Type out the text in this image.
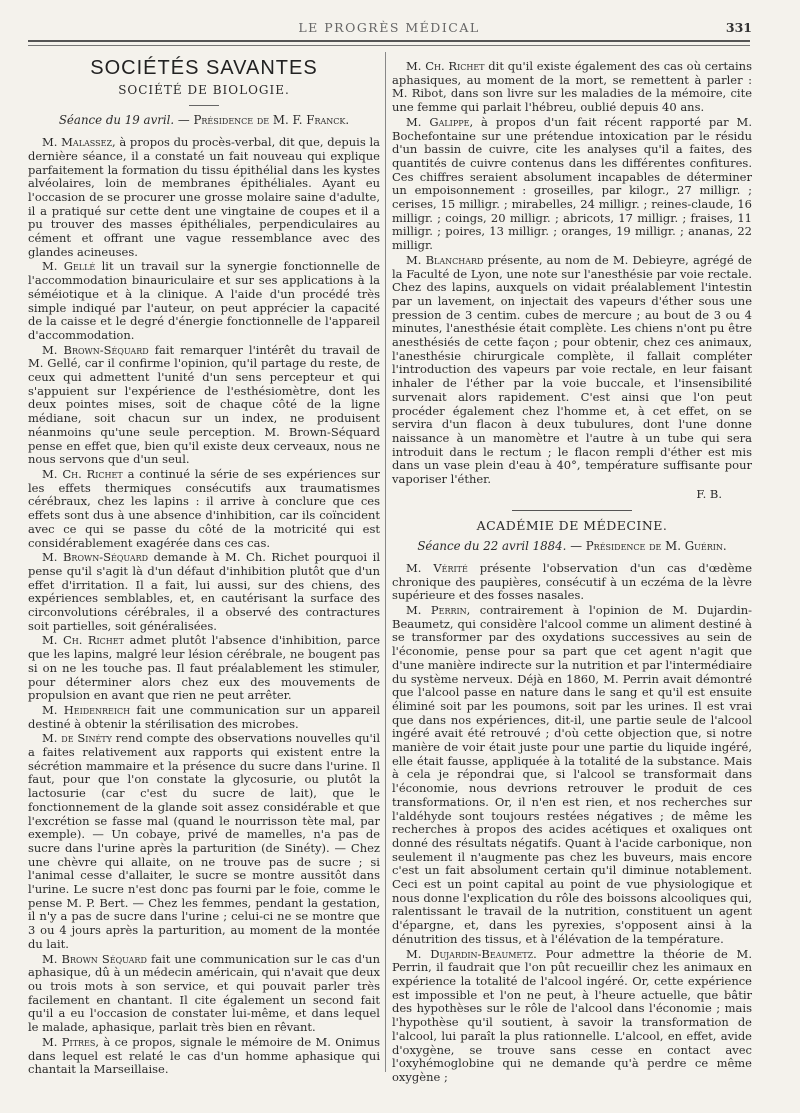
LE PROGRÈS MÉDICAL	331
SOCIÉTÉS SAVANTES
SOCIÉTÉ DE BIOLOGIE.
Séance du 19 avril. — Présidence de M. F. Franck.

M. Malassez, à propos du procès-verbal, dit que, depuis la dernière séance, il a constaté un fait nouveau qui explique parfaitement la formation du tissu épithélial dans les kystes alvéolaires, loin de membranes épithéliales. Ayant eu l'occasion de se procurer une grosse molaire saine d'adulte, il a pratiqué sur cette dent une vingtaine de coupes et il a pu trouver des masses épithéliales, perpendiculaires au cément et offrant une vague ressemblance avec des glandes acineuses.

M. Gellé lit un travail sur la synergie fonctionnelle de l'accommodation binauriculaire et sur ses applications à la séméiotique et à la clinique. A l'aide d'un procédé très simple indiqué par l'auteur, on peut apprécier la capacité de la caisse et le degré d'énergie fonctionnelle de l'appareil d'accommodation.

M. Brown-Séquard fait remarquer l'intérêt du travail de M. Gellé, car il confirme l'opinion, qu'il partage du reste, de ceux qui admettent l'unité d'un sens percepteur et qui s'appuient sur l'expérience de l'esthésiomètre, dont les deux pointes mises, soit de chaque côté de la ligne médiane, soit chacun sur un index, ne produisent néanmoins qu'une seule perception. M. Brown-Séquard pense en effet que, bien qu'il existe deux cerveaux, nous ne nous servons que d'un seul.

M. Ch. Richet a continué la série de ses expériences sur les effets thermiques consécutifs aux traumatismes cérébraux, chez les lapins : il arrive à conclure que ces effets sont dus à une absence d'inhibition, car ils coïncident avec ce qui se passe du côté de la motricité qui est considérablement exagérée dans ces cas.

M. Brown-Séquard demande à M. Ch. Richet pourquoi il pense qu'il s'agit là d'un défaut d'inhibition plutôt que d'un effet d'irritation. Il a fait, lui aussi, sur des chiens, des expériences semblables, et, en cautérisant la surface des circonvolutions cérébrales, il a observé des contractures soit partielles, soit généralisées.

M. Ch. Richet admet plutôt l'absence d'inhibition, parce que les lapins, malgré leur lésion cérébrale, ne bougent pas si on ne les touche pas. Il faut préalablement les stimuler, pour déterminer alors chez eux des mouvements de propulsion en avant que rien ne peut arrêter.

M. Heidenreich fait une communication sur un appareil destiné à obtenir la stérilisation des microbes.

M. de Sinéty rend compte des observations nouvelles qu'il a faites relativement aux rapports qui existent entre la sécrétion mammaire et la présence du sucre dans l'urine. Il faut, pour que l'on constate la glycosurie, ou plutôt la lactosurie (car c'est du sucre de lait), que le fonctionnement de la glande soit assez considérable et que l'excrétion se fasse mal (quand le nourrisson tète mal, par exemple). — Un cobaye, privé de mamelles, n'a pas de sucre dans l'urine après la parturition (de Sinéty). — Chez une chèvre qui allaite, on ne trouve pas de sucre ; si l'animal cesse d'allaiter, le sucre se montre aussitôt dans l'urine. Le sucre n'est donc pas fourni par le foie, comme le pense M. P. Bert. — Chez les femmes, pendant la gestation, il n'y a pas de sucre dans l'urine ; celui-ci ne se montre que 3 ou 4 jours après la parturition, au moment de la montée du lait.

M. Brown Séquard fait une communication sur le cas d'un aphasique, dû à un médecin américain, qui n'avait que deux ou trois mots à son service, et qui pouvait parler très facilement en chantant. Il cite également un second fait qu'il a eu l'occasion de constater lui-même, et dans lequel le malade, aphasique, parlait très bien en rêvant.

M. Pitres, à ce propos, signale le mémoire de M. Onimus dans lequel est relaté le cas d'un homme aphasique qui chantait la Marseillaise.

M. Ch. Richet dit qu'il existe également des cas où certains aphasiques, au moment de la mort, se remettent à parler : M. Ribot, dans son livre sur les maladies de la mémoire, cite une femme qui parlait l'hébreu, oublié depuis 40 ans.

M. Galippe, à propos d'un fait récent rapporté par M. Bochefontaine sur une prétendue intoxication par le résidu d'un bassin de cuivre, cite les analyses qu'il a faites, des quantités de cuivre contenus dans les différentes confitures. Ces chiffres seraient absolument incapables de déterminer un empoisonnement : groseilles, par kilogr., 27 milligr. ; cerises, 15 milligr. ; mirabelles, 24 milligr. ; reines-claude, 16 milligr. ; coings, 20 milligr. ; abricots, 17 milligr. ; fraises, 11 milligr. ; poires, 13 milligr. ; oranges, 19 milligr. ; ananas, 22 milligr.

M. Blanchard présente, au nom de M. Debieyre, agrégé de la Faculté de Lyon, une note sur l'anesthésie par voie rectale. Chez des lapins, auxquels on vidait préalablement l'intestin par un lavement, on injectait des vapeurs d'éther sous une pression de 3 centim. cubes de mercure ; au bout de 3 ou 4 minutes, l'anesthésie était complète. Les chiens n'ont pu être anesthésiés de cette façon ; pour obtenir, chez ces animaux, l'anesthésie chirurgicale complète, il fallait compléter l'introduction des vapeurs par voie rectale, en leur faisant inhaler de l'éther par la voie buccale, et l'insensibilité survenait alors rapidement. C'est ainsi que l'on peut procéder également chez l'homme et, à cet effet, on se servira d'un flacon à deux tubulures, dont l'une donne naissance à un manomètre et l'autre à un tube qui sera introduit dans le rectum ; le flacon rempli d'éther est mis dans un vase plein d'eau à 40°, température suffisante pour vaporiser l'éther.

F. B.

ACADÉMIE DE MÉDECINE.
Séance du 22 avril 1884. — Présidence de M. Guérin.

M. Vérité présente l'observation d'un cas d'œdème chronique des paupières, consécutif à un eczéma de la lèvre supérieure et des fosses nasales.

M. Perrin, contrairement à l'opinion de M. Dujardin-Beaumetz, qui considère l'alcool comme un aliment destiné à se transformer par des oxydations successives au sein de l'économie, pense pour sa part que cet agent n'agit que d'une manière indirecte sur la nutrition et par l'intermédiaire du système nerveux. Déjà en 1860, M. Perrin avait démontré que l'alcool passe en nature dans le sang et qu'il est ensuite éliminé soit par les poumons, soit par les urines. Il est vrai que dans nos expériences, dit-il, une partie seule de l'alcool ingéré avait été retrouvé ; d'où cette objection que, si notre manière de voir était juste pour une partie du liquide ingéré, elle était fausse, appliquée à la totalité de la substance. Mais à cela je répondrai que, si l'alcool se transformait dans l'économie, nous devrions retrouver le produit de ces transformations. Or, il n'en est rien, et nos recherches sur l'aldéhyde sont toujours restées négatives ; de même les recherches à propos des acides acétiques et oxaliques ont donné des résultats négatifs. Quant à l'acide carbonique, non seulement il n'augmente pas chez les buveurs, mais encore c'est un fait absolument certain qu'il diminue notablement. Ceci est un point capital au point de vue physiologique et nous donne l'explication du rôle des boissons alcooliques qui, ralentissant le travail de la nutrition, constituent un agent d'épargne, et, dans les pyrexies, s'opposent ainsi à la dénutrition des tissus, et à l'élévation de la température.

M. Dujardin-Beaumetz. Pour admettre la théorie de M. Perrin, il faudrait que l'on pût recueillir chez les animaux en expérience la totalité de l'alcool ingéré. Or, cette expérience est impossible et l'on ne peut, à l'heure actuelle, que bâtir des hypothèses sur le rôle de l'alcool dans l'économie ; mais l'hypothèse qu'il soutient, à savoir la transformation de l'alcool, lui paraît la plus rationnelle. L'alcool, en effet, avide d'oxygène, se trouve sans cesse en contact avec l'oxyhémoglobine qui ne demande qu'à perdre ce même oxygène ;
